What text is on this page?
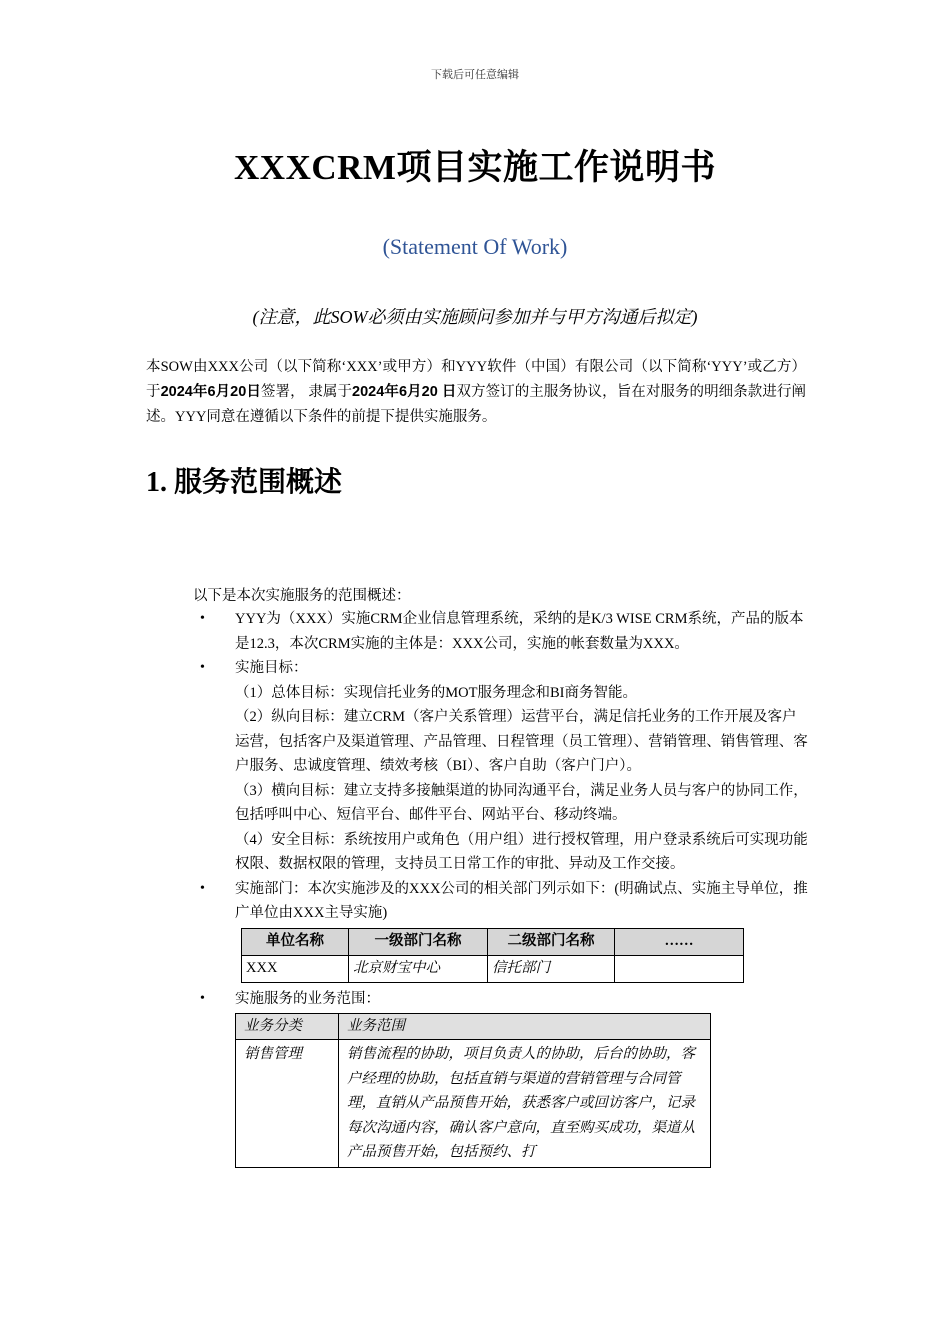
下载后可任意编辑
XXXCRM项目实施工作说明书
(Statement Of Work)
(注意，此SOW必须由实施顾问参加并与甲方沟通后拟定)
本SOW由XXX公司（以下简称‘XXX’或甲方）和YYY软件（中国）有限公司（以下简称‘YYY’或乙方）于2024年6月20日签署， 隶属于2024年6月20 日双方签订的主服务协议，旨在对服务的明细条款进行阐述。YYY同意在遵循以下条件的前提下提供实施服务。
1. 服务范围概述
以下是本次实施服务的范围概述：
• YYY为（XXX）实施CRM企业信息管理系统，采纳的是K/3 WISE CRM系统，产品的版本是12.3，本次CRM实施的主体是：XXX公司，实施的帐套数量为XXX。

• 实施目标：

（1）总体目标：实现信托业务的MOT服务理念和BI商务智能。

（2）纵向目标：建立CRM（客户关系管理）运营平台，满足信托业务的工作开展及客户运营，包括客户及渠道管理、产品管理、日程管理（员工管理）、营销管理、销售管理、客户服务、忠诚度管理、绩效考核（BI）、客户自助（客户门户）。

（3）横向目标：建立支持多接触渠道的协同沟通平台，满足业务人员与客户的协同工作，包括呼叫中心、短信平台、邮件平台、网站平台、移动终端。

（4）安全目标：系统按用户或角色（用户组）进行授权管理，用户登录系统后可实现功能权限、数据权限的管理，支持员工日常工作的审批、异动及工作交接。

• 实施部门：本次实施涉及的XXX公司的相关部门列示如下：(明确试点、实施主导单位，推广单位由XXX主导实施)

单位名称	一级部门名称	二级部门名称	……
XXX	北京财宝中心	信托部门	
• 实施服务的业务范围：

业务分类	业务范围
销售管理	销售流程的协助，项目负责人的协助，后台的协助，客户经理的协助，包括直销与渠道的营销管理与合同管理，直销从产品预售开始，获悉客户或回访客户，记录每次沟通内容，确认客户意向，直至购买成功，渠道从产品预售开始，包括预约、打
